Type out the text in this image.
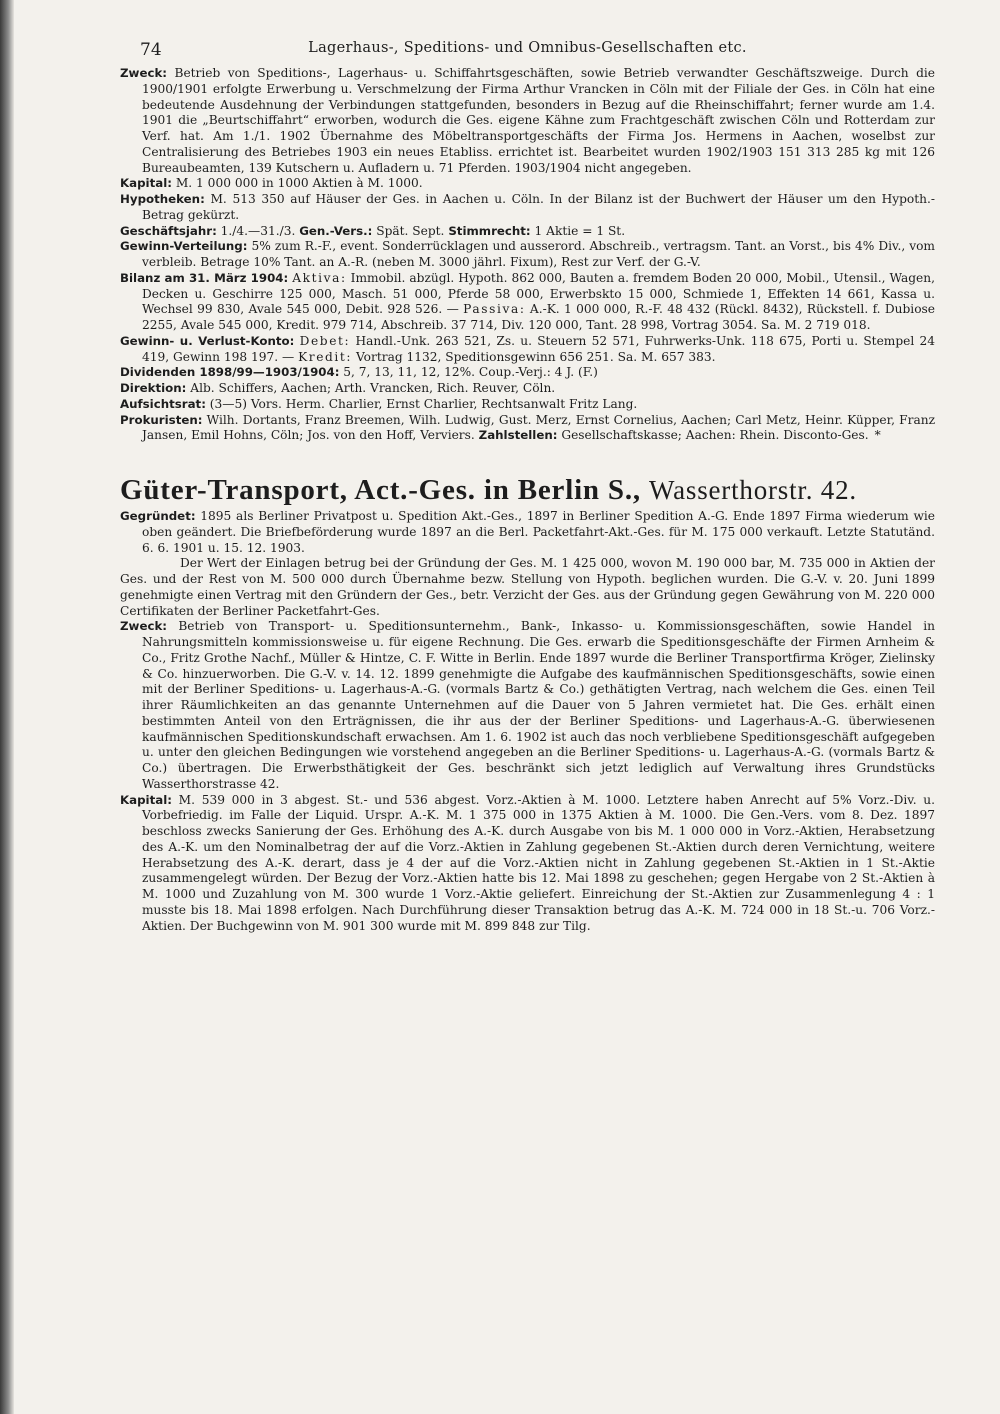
74	Lagerhaus-, Speditions- und Omnibus-Gesellschaften etc.

Zweck: Betrieb von Speditions-, Lagerhaus- u. Schiffahrtsgeschäften, sowie Betrieb verwandter Geschäftszweige. Durch die 1900/1901 erfolgte Erwerbung u. Verschmelzung der Firma Arthur Vrancken in Cöln mit der Filiale der Ges. in Cöln hat eine bedeutende Ausdehnung der Verbindungen stattgefunden, besonders in Bezug auf die Rheinschiffahrt; ferner wurde am 1.4. 1901 die „Beurtschiffahrt“ erworben, wodurch die Ges. eigene Kähne zum Frachtgeschäft zwischen Cöln und Rotterdam zur Verf. hat. Am 1./1. 1902 Übernahme des Möbeltransportgeschäfts der Firma Jos. Hermens in Aachen, woselbst zur Centralisierung des Betriebes 1903 ein neues Etabliss. errichtet ist. Bearbeitet wurden 1902/1903 151 313 285 kg mit 126 Bureaubeamten, 139 Kutschern u. Aufladern u. 71 Pferden. 1903/1904 nicht angegeben.

Kapital: M. 1 000 000 in 1000 Aktien à M. 1000.

Hypotheken: M. 513 350 auf Häuser der Ges. in Aachen u. Cöln. In der Bilanz ist der Buchwert der Häuser um den Hypoth.-Betrag gekürzt.

Geschäftsjahr: 1./4.—31./3. Gen.-Vers.: Spät. Sept. Stimmrecht: 1 Aktie = 1 St.

Gewinn-Verteilung: 5% zum R.-F., event. Sonderrücklagen und ausserord. Abschreib., vertragsm. Tant. an Vorst., bis 4% Div., vom verbleib. Betrage 10% Tant. an A.-R. (neben M. 3000 jährl. Fixum), Rest zur Verf. der G.-V.

Bilanz am 31. März 1904: Aktiva: Immobil. abzügl. Hypoth. 862 000, Bauten a. fremdem Boden 20 000, Mobil., Utensil., Wagen, Decken u. Geschirre 125 000, Masch. 51 000, Pferde 58 000, Erwerbskto 15 000, Schmiede 1, Effekten 14 661, Kassa u. Wechsel 99 830, Avale 545 000, Debit. 928 526. — Passiva: A.-K. 1 000 000, R.-F. 48 432 (Rückl. 8432), Rückstell. f. Dubiose 2255, Avale 545 000, Kredit. 979 714, Abschreib. 37 714, Div. 120 000, Tant. 28 998, Vortrag 3054. Sa. M. 2 719 018.

Gewinn- u. Verlust-Konto: Debet: Handl.-Unk. 263 521, Zs. u. Steuern 52 571, Fuhrwerks-Unk. 118 675, Porti u. Stempel 24 419, Gewinn 198 197. — Kredit: Vortrag 1132, Speditionsgewinn 656 251. Sa. M. 657 383.

Dividenden 1898/99—1903/1904: 5, 7, 13, 11, 12, 12%. Coup.-Verj.: 4 J. (F.)

Direktion: Alb. Schiffers, Aachen; Arth. Vrancken, Rich. Reuver, Cöln.

Aufsichtsrat: (3—5) Vors. Herm. Charlier, Ernst Charlier, Rechtsanwalt Fritz Lang.

Prokuristen: Wilh. Dortants, Franz Breemen, Wilh. Ludwig, Gust. Merz, Ernst Cornelius, Aachen; Carl Metz, Heinr. Küpper, Franz Jansen, Emil Hohns, Cöln; Jos. von den Hoff, Verviers. Zahlstellen: Gesellschaftskasse; Aachen: Rhein. Disconto-Ges. *

Güter-Transport, Act.-Ges. in Berlin S., Wasserthorstr. 42.

Gegründet: 1895 als Berliner Privatpost u. Spedition Akt.-Ges., 1897 in Berliner Spedition A.-G. Ende 1897 Firma wiederum wie oben geändert. Die Briefbeförderung wurde 1897 an die Berl. Packetfahrt-Akt.-Ges. für M. 175 000 verkauft. Letzte Statutänd. 6. 6. 1901 u. 15. 12. 1903.

Der Wert der Einlagen betrug bei der Gründung der Ges. M. 1 425 000, wovon M. 190 000 bar, M. 735 000 in Aktien der Ges. und der Rest von M. 500 000 durch Übernahme bezw. Stellung von Hypoth. beglichen wurden. Die G.-V. v. 20. Juni 1899 genehmigte einen Vertrag mit den Gründern der Ges., betr. Verzicht der Ges. aus der Gründung gegen Gewährung von M. 220 000 Certifikaten der Berliner Packetfahrt-Ges.

Zweck: Betrieb von Transport- u. Speditionsunternehm., Bank-, Inkasso- u. Kommissionsgeschäften, sowie Handel in Nahrungsmitteln kommissionsweise u. für eigene Rechnung. Die Ges. erwarb die Speditionsgeschäfte der Firmen Arnheim & Co., Fritz Grothe Nachf., Müller & Hintze, C. F. Witte in Berlin. Ende 1897 wurde die Berliner Transportfirma Kröger, Zielinsky & Co. hinzuerworben. Die G.-V. v. 14. 12. 1899 genehmigte die Aufgabe des kaufmännischen Speditionsgeschäfts, sowie einen mit der Berliner Speditions- u. Lagerhaus-A.-G. (vormals Bartz & Co.) gethätigten Vertrag, nach welchem die Ges. einen Teil ihrer Räumlichkeiten an das genannte Unternehmen auf die Dauer von 5 Jahren vermietet hat. Die Ges. erhält einen bestimmten Anteil von den Erträgnissen, die ihr aus der der Berliner Speditions- und Lagerhaus-A.-G. überwiesenen kaufmännischen Speditionskundschaft erwachsen. Am 1. 6. 1902 ist auch das noch verbliebene Speditionsgeschäft aufgegeben u. unter den gleichen Bedingungen wie vorstehend angegeben an die Berliner Speditions- u. Lagerhaus-A.-G. (vormals Bartz & Co.) übertragen. Die Erwerbsthätigkeit der Ges. beschränkt sich jetzt lediglich auf Verwaltung ihres Grundstücks Wasserthorstrasse 42.

Kapital: M. 539 000 in 3 abgest. St.- und 536 abgest. Vorz.-Aktien à M. 1000. Letztere haben Anrecht auf 5% Vorz.-Div. u. Vorbefriedig. im Falle der Liquid. Urspr. A.-K. M. 1 375 000 in 1375 Aktien à M. 1000. Die Gen.-Vers. vom 8. Dez. 1897 beschloss zwecks Sanierung der Ges. Erhöhung des A.-K. durch Ausgabe von bis M. 1 000 000 in Vorz.-Aktien, Herabsetzung des A.-K. um den Nominalbetrag der auf die Vorz.-Aktien in Zahlung gegebenen St.-Aktien durch deren Vernichtung, weitere Herabsetzung des A.-K. derart, dass je 4 der auf die Vorz.-Aktien nicht in Zahlung gegebenen St.-Aktien in 1 St.-Aktie zusammengelegt würden. Der Bezug der Vorz.-Aktien hatte bis 12. Mai 1898 zu geschehen; gegen Hergabe von 2 St.-Aktien à M. 1000 und Zuzahlung von M. 300 wurde 1 Vorz.-Aktie geliefert. Einreichung der St.-Aktien zur Zusammenlegung 4 : 1 musste bis 18. Mai 1898 erfolgen. Nach Durchführung dieser Transaktion betrug das A.-K. M. 724 000 in 18 St.-u. 706 Vorz.-Aktien. Der Buchgewinn von M. 901 300 wurde mit M. 899 848 zur Tilg.
